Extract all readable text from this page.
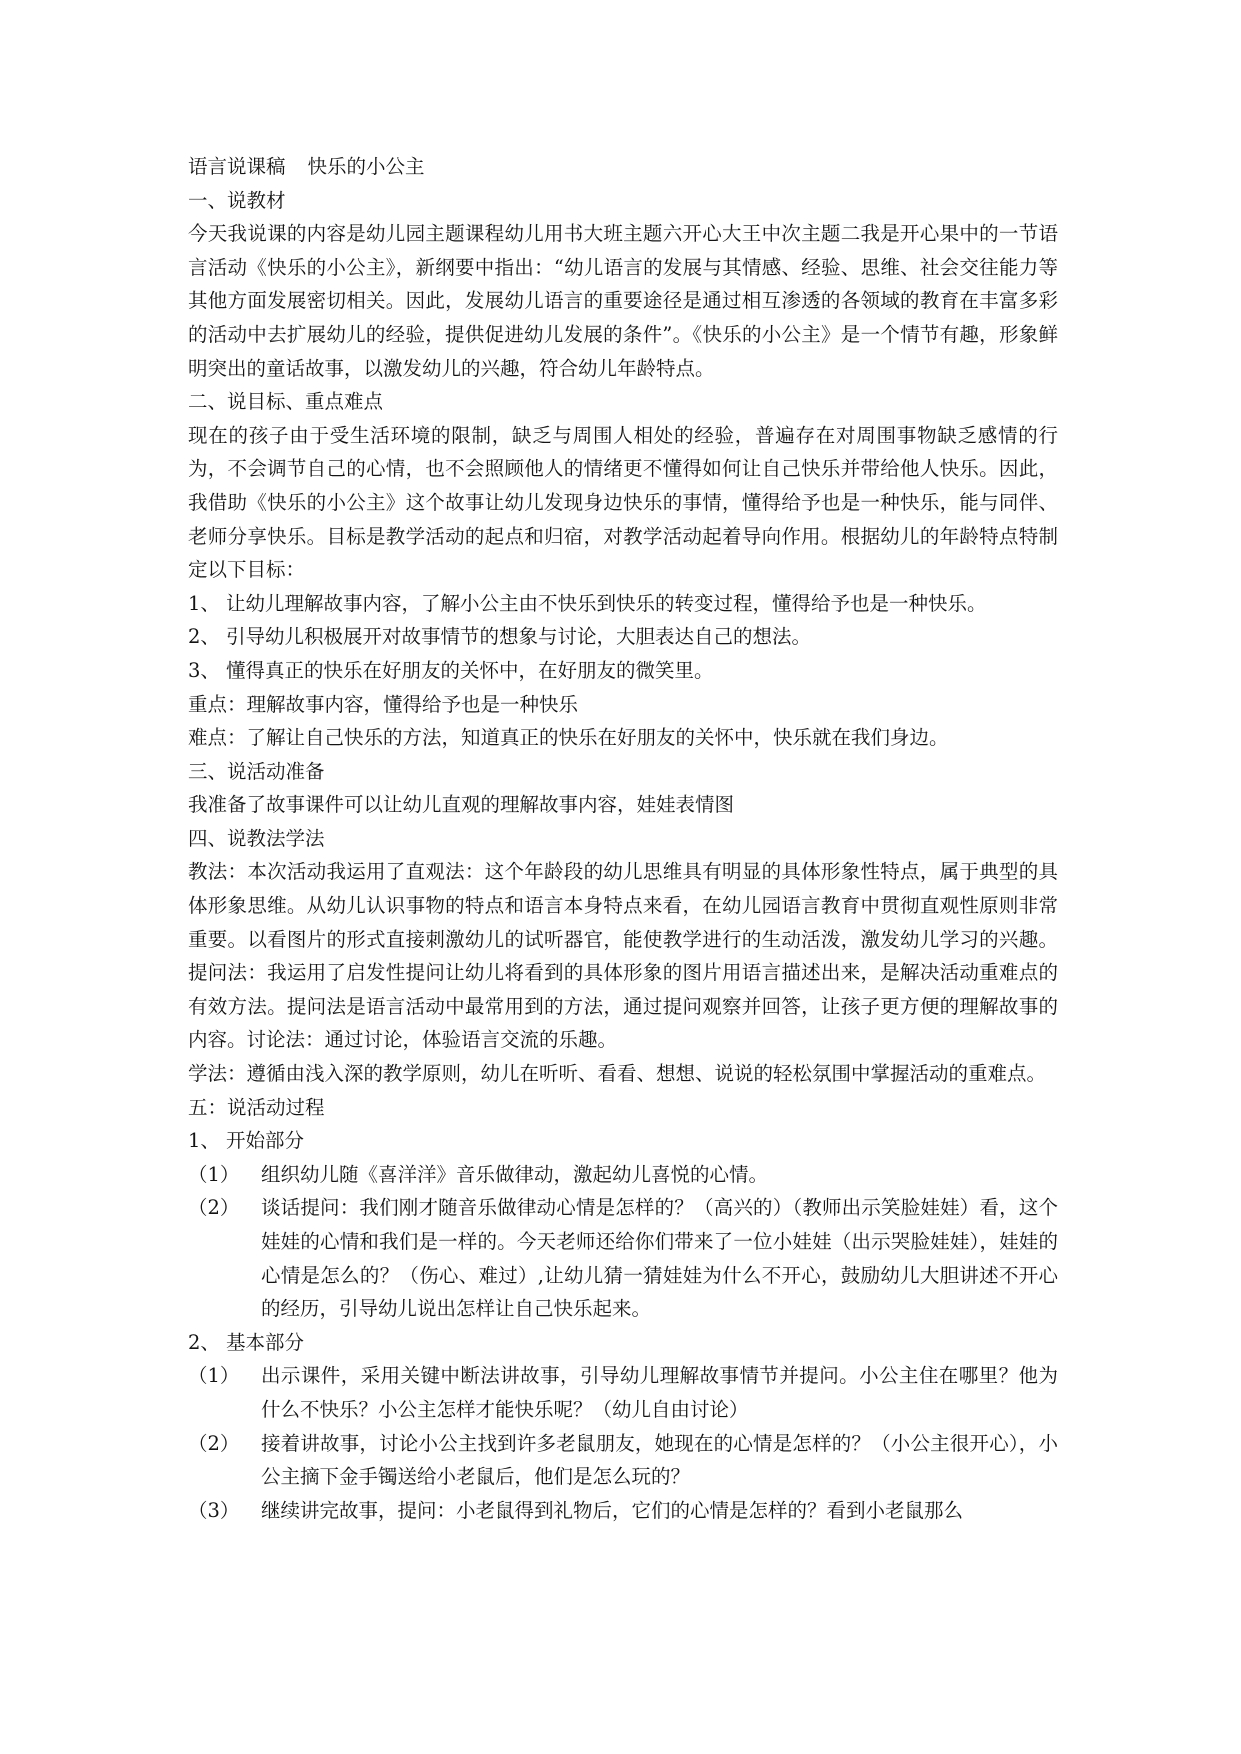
语言说课稿 快乐的小公主
一、说教材
今天我说课的内容是幼儿园主题课程幼儿用书大班主题六开心大王中次主题二我是开心果中的一节语言活动《快乐的小公主》，新纲要中指出：“幼儿语言的发展与其情感、经验、思维、社会交往能力等其他方面发展密切相关。因此，发展幼儿语言的重要途径是通过相互渗透的各领域的教育在丰富多彩的活动中去扩展幼儿的经验，提供促进幼儿发展的条件”。《快乐的小公主》是一个情节有趣，形象鲜明突出的童话故事，以激发幼儿的兴趣，符合幼儿年龄特点。
二、说目标、重点难点
现在的孩子由于受生活环境的限制，缺乏与周围人相处的经验，普遍存在对周围事物缺乏感情的行为，不会调节自己的心情，也不会照顾他人的情绪更不懂得如何让自己快乐并带给他人快乐。因此，我借助《快乐的小公主》这个故事让幼儿发现身边快乐的事情，懂得给予也是一种快乐，能与同伴、老师分享快乐。目标是教学活动的起点和归宿，对教学活动起着导向作用。根据幼儿的年龄特点特制定以下目标：
1、 让幼儿理解故事内容，了解小公主由不快乐到快乐的转变过程，懂得给予也是一种快乐。
2、 引导幼儿积极展开对故事情节的想象与讨论，大胆表达自己的想法。
3、 懂得真正的快乐在好朋友的关怀中，在好朋友的微笑里。
重点：理解故事内容，懂得给予也是一种快乐
难点：了解让自己快乐的方法，知道真正的快乐在好朋友的关怀中，快乐就在我们身边。
三、说活动准备
我准备了故事课件可以让幼儿直观的理解故事内容，娃娃表情图
四、说教法学法
教法：本次活动我运用了直观法：这个年龄段的幼儿思维具有明显的具体形象性特点，属于典型的具体形象思维。从幼儿认识事物的特点和语言本身特点来看，在幼儿园语言教育中贯彻直观性原则非常重要。以看图片的形式直接刺激幼儿的试听器官，能使教学进行的生动活泼，激发幼儿学习的兴趣。提问法：我运用了启发性提问让幼儿将看到的具体形象的图片用语言描述出来，是解决活动重难点的有效方法。提问法是语言活动中最常用到的方法，通过提问观察并回答，让孩子更方便的理解故事的内容。讨论法：通过讨论，体验语言交流的乐趣。
学法：遵循由浅入深的教学原则，幼儿在听听、看看、想想、说说的轻松氛围中掌握活动的重难点。
五：说活动过程
1、 开始部分
（1）	组织幼儿随《喜洋洋》音乐做律动，激起幼儿喜悦的心情。
（2）	谈话提问：我们刚才随音乐做律动心情是怎样的？（高兴的）（教师出示笑脸娃娃）看，这个娃娃的心情和我们是一样的。今天老师还给你们带来了一位小娃娃（出示哭脸娃娃），娃娃的心情是怎么的？（伤心、难过）,让幼儿猜一猜娃娃为什么不开心，鼓励幼儿大胆讲述不开心的经历，引导幼儿说出怎样让自己快乐起来。
2、 基本部分
（1）	出示课件，采用关键中断法讲故事，引导幼儿理解故事情节并提问。小公主住在哪里？他为什么不快乐？小公主怎样才能快乐呢？（幼儿自由讨论）
（2）	接着讲故事，讨论小公主找到许多老鼠朋友，她现在的心情是怎样的？（小公主很开心），小公主摘下金手镯送给小老鼠后，他们是怎么玩的？
（3）	继续讲完故事，提问：小老鼠得到礼物后，它们的心情是怎样的？看到小老鼠那么
